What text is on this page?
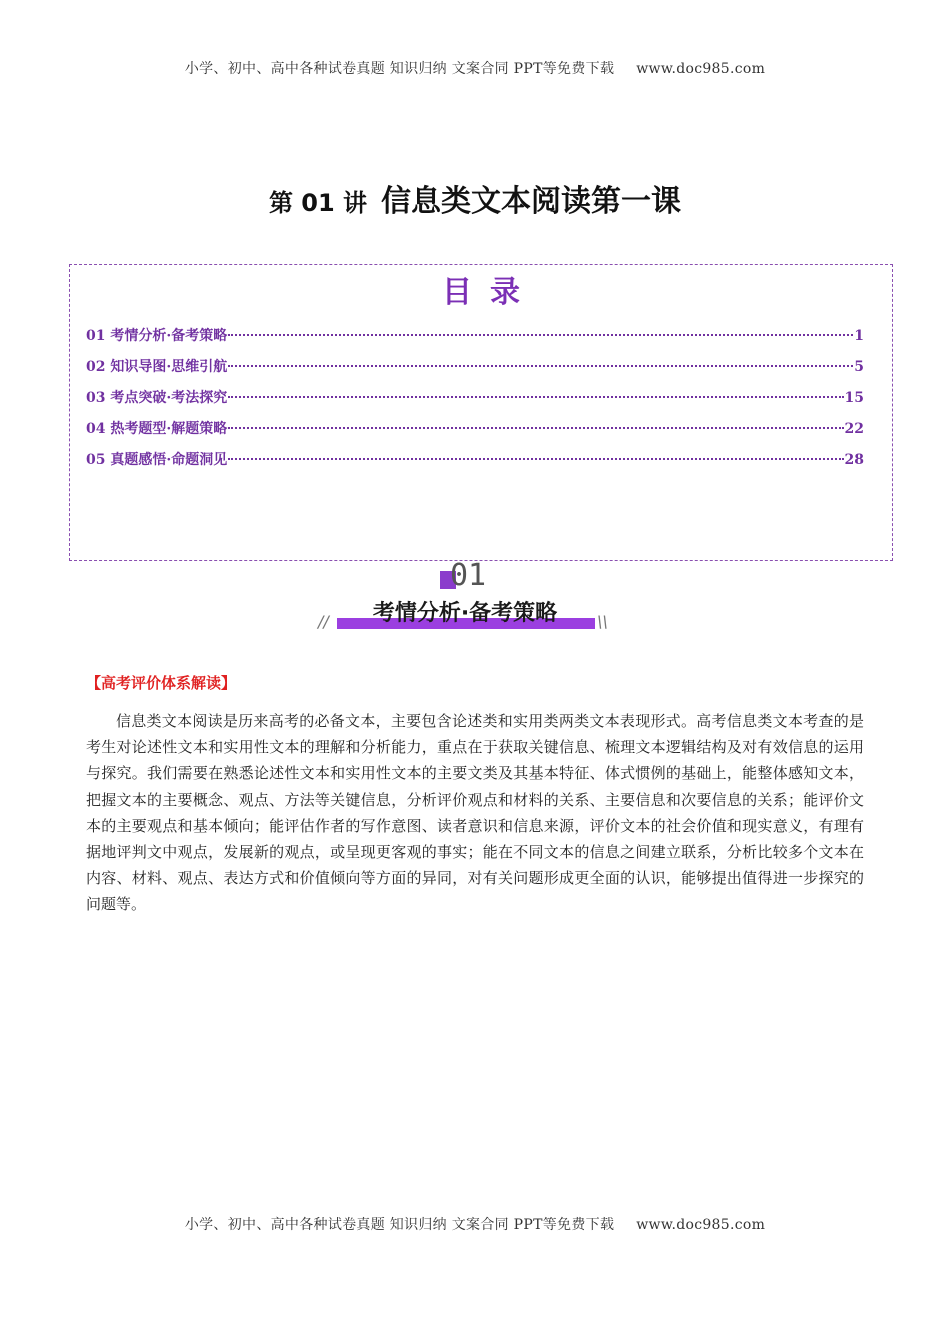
小学、初中、高中各种试卷真题 知识归纳 文案合同 PPT等免费下载 www.doc985.com
第 01 讲 信息类文本阅读第一课
目录
01 考情分析·备考策略	1
02 知识导图·思维引航	5
03 考点突破·考法探究	15
04 热考题型·解题策略	22
05 真题感悟·命题洞见	28
01
//	考情分析·备考策略	\\
【高考评价体系解读】

信息类文本阅读是历来高考的必备文本，主要包含论述类和实用类两类文本表现形式。高考信息类文本考查的是考生对论述性文本和实用性文本的理解和分析能力，重点在于获取关键信息、梳理文本逻辑结构及对有效信息的运用与探究。我们需要在熟悉论述性文本和实用性文本的主要文类及其基本特征、体式惯例的基础上，能整体感知文本，把握文本的主要概念、观点、方法等关键信息，分析评价观点和材料的关系、主要信息和次要信息的关系；能评价文本的主要观点和基本倾向；能评估作者的写作意图、读者意识和信息来源，评价文本的社会价值和现实意义，有理有据地评判文中观点，发展新的观点，或呈现更客观的事实；能在不同文本的信息之间建立联系，分析比较多个文本在内容、材料、观点、表达方式和价值倾向等方面的异同，对有关问题形成更全面的认识，能够提出值得进一步探究的问题等。

小学、初中、高中各种试卷真题 知识归纳 文案合同 PPT等免费下载 www.doc985.com
